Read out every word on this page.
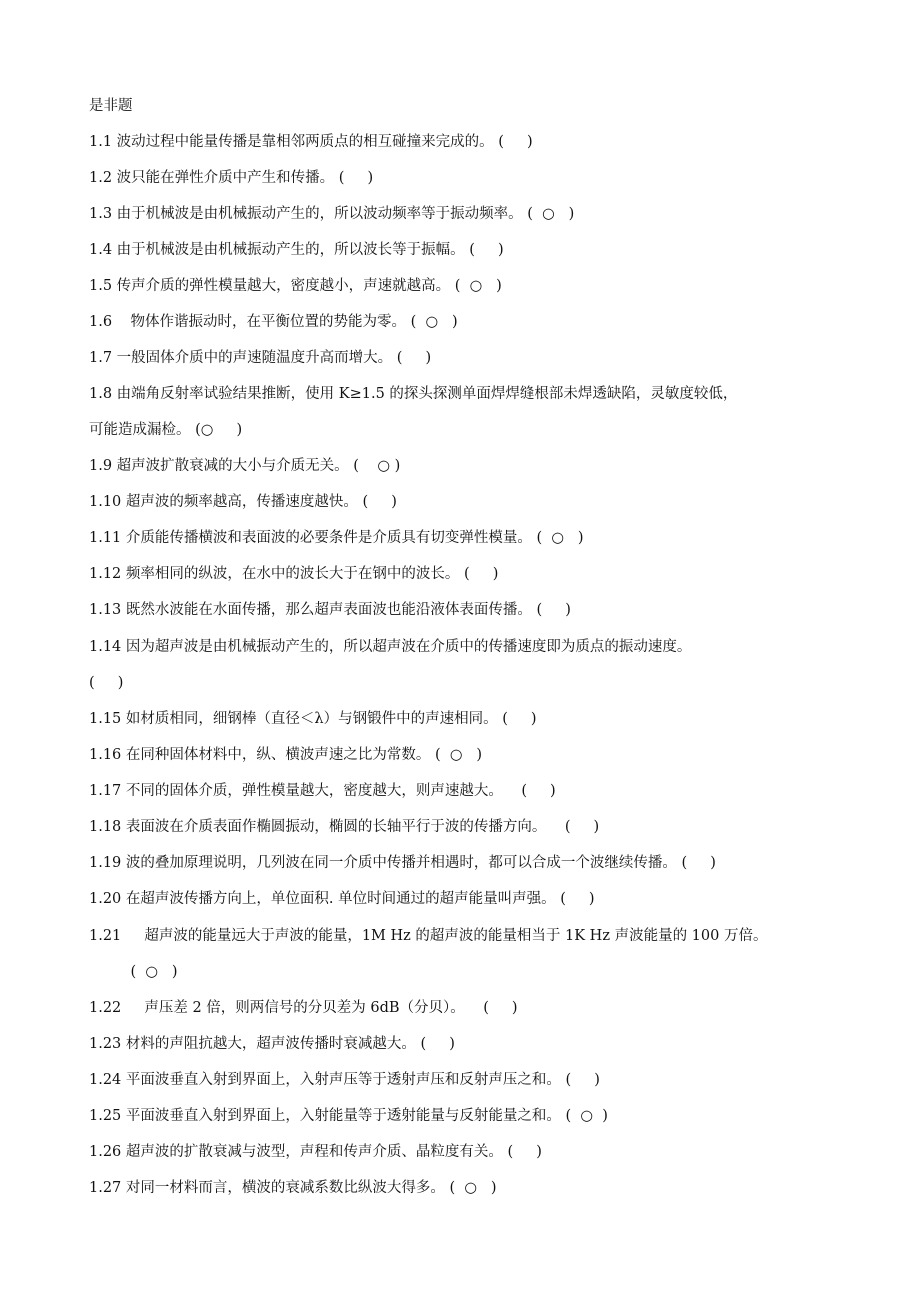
是非题
1.1 波动过程中能量传播是靠相邻两质点的相互碰撞来完成的。 (     )
1.2 波只能在弹性介质中产生和传播。 (     )
1.3 由于机械波是由机械振动产生的，所以波动频率等于振动频率。 (  ○   )
1.4 由于机械波是由机械振动产生的，所以波长等于振幅。 (     )
1.5 传声介质的弹性模量越大，密度越小，声速就越高。 (  ○   )
1.6    物体作谐振动时，在平衡位置的势能为零。 (  ○   )
1.7 一般固体介质中的声速随温度升高而增大。 (     )
1.8 由端角反射率试验结果推断，使用 K≥1.5 的探头探测单面焊焊缝根部未焊透缺陷，灵敏度较低，
可能造成漏检。 (○     )
1.9 超声波扩散衰减的大小与介质无关。 (    ○ )
1.10 超声波的频率越高，传播速度越快。 (     )
1.11 介质能传播横波和表面波的必要条件是介质具有切变弹性模量。 (  ○   )
1.12 频率相同的纵波，在水中的波长大于在钢中的波长。 (     )
1.13 既然水波能在水面传播，那么超声表面波也能沿液体表面传播。 (     )
1.14 因为超声波是由机械振动产生的，所以超声波在介质中的传播速度即为质点的振动速度。
(     )
1.15 如材质相同，细钢棒（直径＜λ）与钢锻件中的声速相同。 (     )
1.16 在同种固体材料中，纵、横波声速之比为常数。 (  ○   )
1.17 不同的固体介质，弹性模量越大，密度越大，则声速越大。    (     )
1.18 表面波在介质表面作椭圆振动，椭圆的长轴平行于波的传播方向。    (     )
1.19 波的叠加原理说明，几列波在同一介质中传播并相遇时，都可以合成一个波继续传播。 (     )
1.20 在超声波传播方向上，单位面积. 单位时间通过的超声能量叫声强。 (     )
1.21     超声波的能量远大于声波的能量，1M Hz 的超声波的能量相当于 1K Hz 声波能量的 100 万倍。
(  ○   )
1.22     声压差 2 倍，则两信号的分贝差为 6dB（分贝）。    (     )
1.23 材料的声阻抗越大，超声波传播时衰减越大。 (     )
1.24 平面波垂直入射到界面上，入射声压等于透射声压和反射声压之和。 (     )
1.25 平面波垂直入射到界面上，入射能量等于透射能量与反射能量之和。 (  ○  )
1.26 超声波的扩散衰减与波型，声程和传声介质、晶粒度有关。 (     )
1.27 对同一材料而言，横波的衰减系数比纵波大得多。 (  ○   )
